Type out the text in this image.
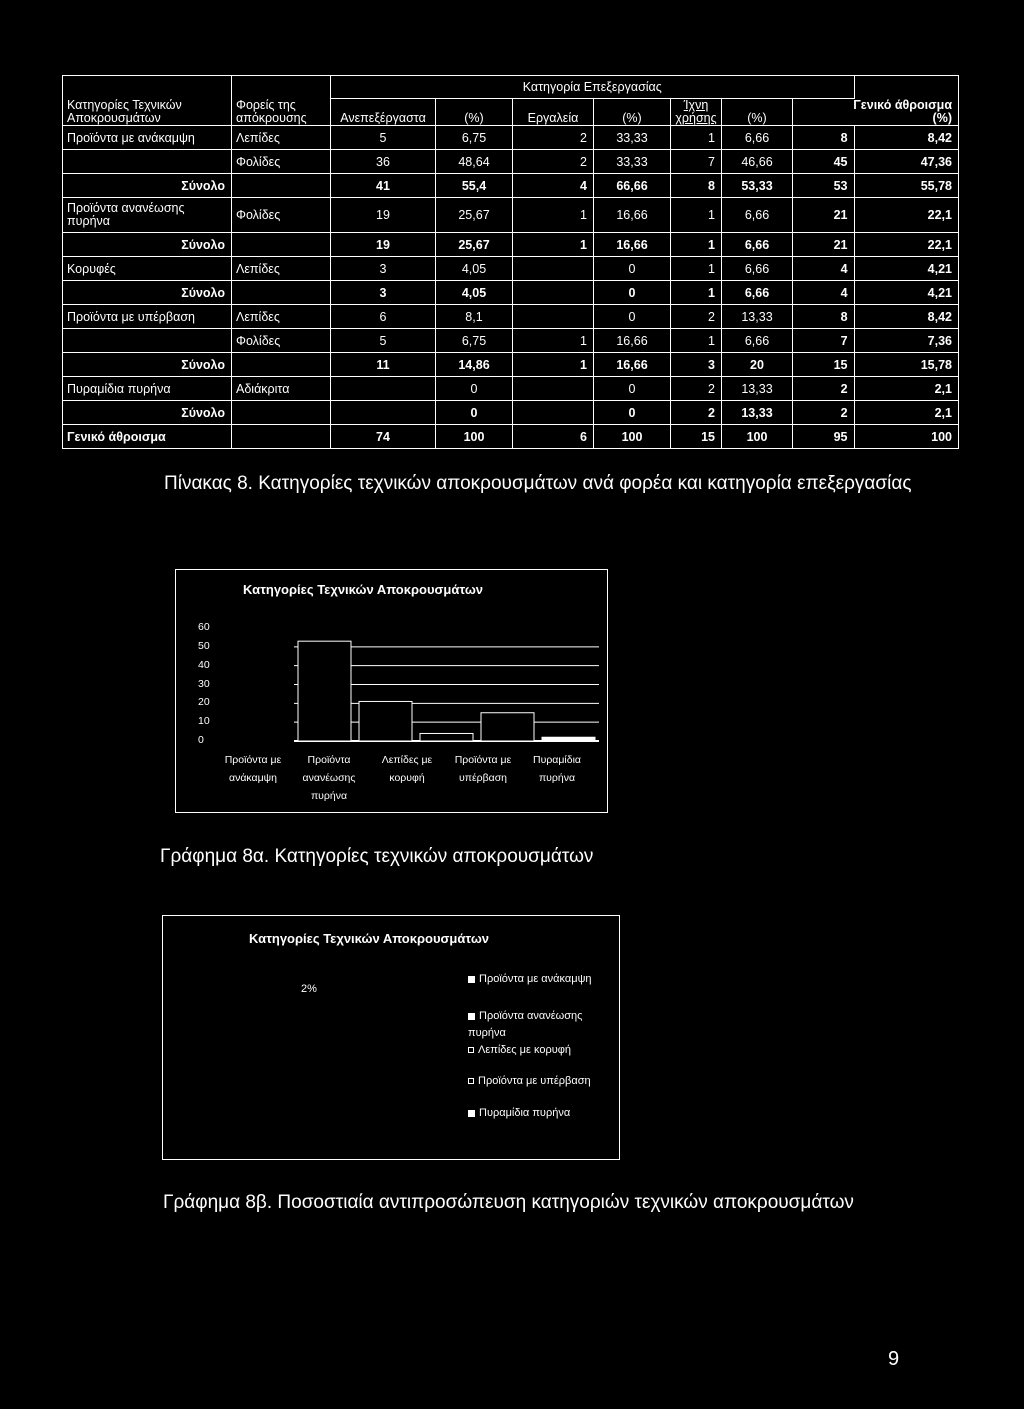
		Κατηγορία Επεξεργασίας							
Κατηγορίες Τεχνικών Αποκρουσμάτων	Φορείς της απόκρουσης	Ανεπεξέργαστα	(%)	Εργαλεία	(%)	Ίχνη χρήσης	(%)	Γενικό άθροισμα
(%)	
Προϊόντα με ανάκαμψη	Λεπίδες	5	6,75	2	33,33	1	6,66	8	8,42
	Φολίδες	36	48,64	2	33,33	7	46,66	45	47,36
Σύνολο		41	55,4	4	66,66	8	53,33	53	55,78
Προϊόντα ανανέωσης πυρήνα	Φολίδες	19	25,67	1	16,66	1	6,66	21	22,1
Σύνολο		19	25,67	1	16,66	1	6,66	21	22,1
Κορυφές	Λεπίδες	3	4,05		0	1	6,66	4	4,21
Σύνολο		3	4,05		0	1	6,66	4	4,21
Προϊόντα με υπέρβαση	Λεπίδες	6	8,1		0	2	13,33	8	8,42
	Φολίδες	5	6,75	1	16,66	1	6,66	7	7,36
Σύνολο		11	14,86	1	16,66	3	20	15	15,78
Πυραμίδια πυρήνα	Αδιάκριτα		0		0	2	13,33	2	2,1
Σύνολο			0		0	2	13,33	2	2,1
Γενικό άθροισμα		74	100	6	100	15	100	95	100
Πίνακας 8. Κατηγορίες τεχνικών αποκρουσμάτων ανά φορέα και κατηγορία επεξεργασίας
Κατηγορίες Τεχνικών Αποκρουσμάτων
60
50
40
30
20
10
0
Προϊόντα με ανάκαμψη
Προϊόντα ανανέωσης πυρήνα
Λεπίδες με κορυφή
Προϊόντα με υπέρβαση
Πυραμίδια πυρήνα
Γράφημα 8α. Κατηγορίες τεχνικών αποκρουσμάτων
Κατηγορίες Τεχνικών Αποκρουσμάτων
2%
Προϊόντα με ανάκαμψη
Προϊόντα ανανέωσης πυρήνα
Λεπίδες με κορυφή
Προϊόντα με υπέρβαση
Πυραμίδια πυρήνα
Γράφημα 8β. Ποσοστιαία αντιπροσώπευση κατηγοριών τεχνικών αποκρουσμάτων
9
